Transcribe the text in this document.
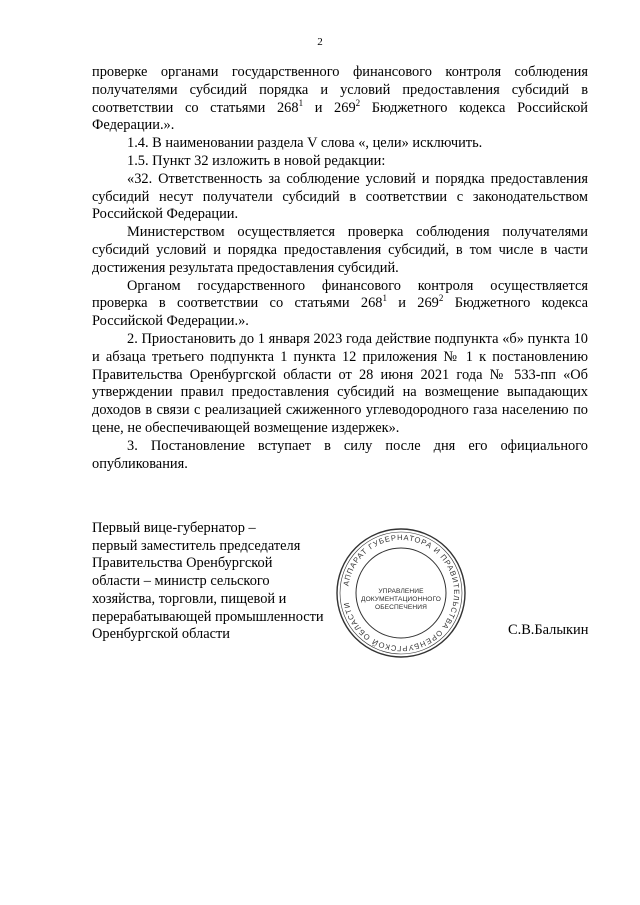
2

проверке органами государственного финансового контроля соблюдения получателями субсидий порядка и условий предоставления субсидий в соответствии со статьями $268^1$ и $269^2$ Бюджетного кодекса Российской Федерации.».

1.4. В наименовании раздела V слова «, цели» исключить.

1.5. Пункт 32 изложить в новой редакции:

«32. Ответственность за соблюдение условий и порядка предоставления субсидий несут получатели субсидий в соответствии с законодательством Российской Федерации.

Министерством осуществляется проверка соблюдения получателями субсидий условий и порядка предоставления субсидий, в том числе в части достижения результата предоставления субсидий.

Органом государственного финансового контроля осуществляется проверка в соответствии со статьями $268^1$ и $269^2$ Бюджетного кодекса Российской Федерации.».

2. Приостановить до 1 января 2023 года действие подпункта «б» пункта 10 и абзаца третьего подпункта 1 пункта 12 приложения № 1 к постановлению Правительства Оренбургской области от 28 июня 2021 года № 533-пп «Об утверждении правил предоставления субсидий на возмещение выпадающих доходов в связи с реализацией сжиженного углеводородного газа населению по цене, не обеспечивающей возмещение издержек».

3. Постановление вступает в силу после дня его официального опубликования.

Первый вице-губернатор –
первый заместитель председателя
Правительства Оренбургской
области – министр сельского
хозяйства, торговли, пищевой и
перерабатывающей промышленности
Оренбургской области
АППАРАТ ГУБЕРНАТОРА И ПРАВИТЕЛЬСТВА ОРЕНБУРГСКОЙ ОБЛАСТИ
УПРАВЛЕНИЕ
ДОКУМЕНТАЦИОННОГО
ОБЕСПЕЧЕНИЯ
С.В.Балыкин
